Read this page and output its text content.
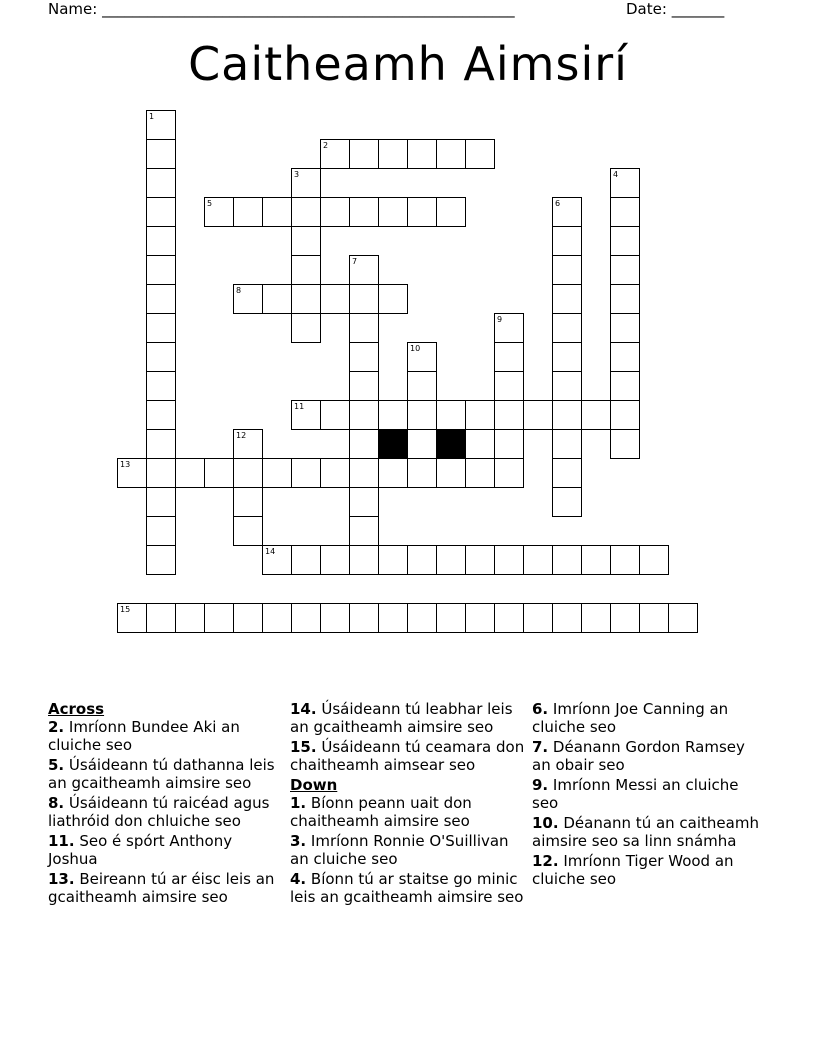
Name: _______________________________________________________	Date: _______
Caitheamh Aimsirí
1
2
3	4
5	6
7
8
9
10
11
12
13
14
15
Across
2. Imríonn Bundee Aki an cluiche seo
5. Úsáideann tú dathanna leis an gcaitheamh aimsire seo
8. Úsáideann tú raicéad agus liathróid don chluiche seo
11. Seo é spórt Anthony Joshua
13. Beireann tú ar éisc leis an gcaitheamh aimsire seo
14. Úsáideann tú leabhar leis an gcaitheamh aimsire seo
15. Úsáideann tú ceamara don chaitheamh aimsear seo
Down
1. Bíonn peann uait don chaitheamh aimsire seo
3. Imríonn Ronnie O'Suillivan an cluiche seo
4. Bíonn tú ar staitse go minic leis an gcaitheamh aimsire seo
6. Imríonn Joe Canning an cluiche seo
7. Déanann Gordon Ramsey an obair seo
9. Imríonn Messi an cluiche seo
10. Déanann tú an caitheamh aimsire seo sa linn snámha
12. Imríonn Tiger Wood an cluiche seo
